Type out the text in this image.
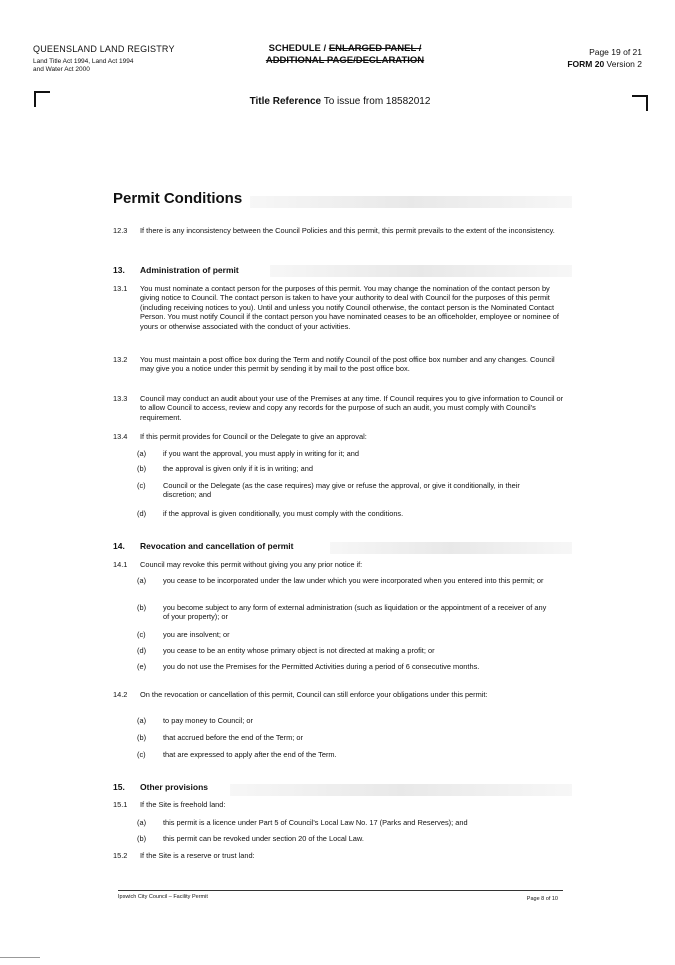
QUEENSLAND LAND REGISTRY
Land Title Act 1994, Land Act 1994
and Water Act 2000
SCHEDULE / ENLARGED PANEL /
ADDITIONAL PAGE/DECLARATION
Page 19 of 21
FORM 20 Version 2
Title Reference To issue from 18582012
Permit Conditions
12.3 If there is any inconsistency between the Council Policies and this permit, this permit prevails to the extent of the inconsistency.
13. Administration of permit
13.1 You must nominate a contact person for the purposes of this permit. You may change the nomination of the contact person by giving notice to Council. The contact person is taken to have your authority to deal with Council for the purposes of this permit (including receiving notices to you). Until and unless you notify Council otherwise, the contact person is the Nominated Contact Person. You must notify Council if the contact person you have nominated ceases to be an officeholder, employee or nominee of yours or otherwise associated with the conduct of your activities.
13.2 You must maintain a post office box during the Term and notify Council of the post office box number and any changes. Council may give you a notice under this permit by sending it by mail to the post office box.
13.3 Council may conduct an audit about your use of the Premises at any time. If Council requires you to give information to Council or to allow Council to access, review and copy any records for the purpose of such an audit, you must comply with Council's requirement.
13.4 If this permit provides for Council or the Delegate to give an approval:
(a) if you want the approval, you must apply in writing for it; and
(b) the approval is given only if it is in writing; and
(c) Council or the Delegate (as the case requires) may give or refuse the approval, or give it conditionally, in their discretion; and
(d) if the approval is given conditionally, you must comply with the conditions.
14. Revocation and cancellation of permit
14.1 Council may revoke this permit without giving you any prior notice if:
(a) you cease to be incorporated under the law under which you were incorporated when you entered into this permit; or
(b) you become subject to any form of external administration (such as liquidation or the appointment of a receiver of any of your property); or
(c) you are insolvent; or
(d) you cease to be an entity whose primary object is not directed at making a profit; or
(e) you do not use the Premises for the Permitted Activities during a period of 6 consecutive months.
14.2 On the revocation or cancellation of this permit, Council can still enforce your obligations under this permit:
(a) to pay money to Council; or
(b) that accrued before the end of the Term; or
(c) that are expressed to apply after the end of the Term.
15. Other provisions
15.1 If the Site is freehold land:
(a) this permit is a licence under Part 5 of Council's Local Law No. 17 (Parks and Reserves); and
(b) this permit can be revoked under section 20 of the Local Law.
15.2 If the Site is a reserve or trust land:
Ipswich City Council – Facility Permit	Page 8 of 10
